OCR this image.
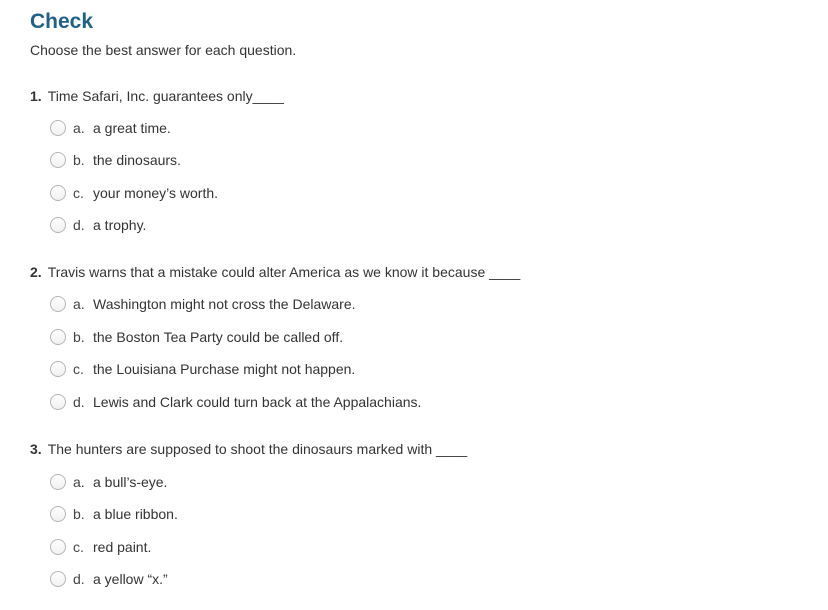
Check
Choose the best answer for each question.
1. Time Safari, Inc. guarantees only____
a. a great time.
b. the dinosaurs.
c. your money’s worth.
d. a trophy.
2. Travis warns that a mistake could alter America as we know it because ____
a. Washington might not cross the Delaware.
b. the Boston Tea Party could be called off.
c. the Louisiana Purchase might not happen.
d. Lewis and Clark could turn back at the Appalachians.
3. The hunters are supposed to shoot the dinosaurs marked with ____
a. a bull’s-eye.
b. a blue ribbon.
c. red paint.
d. a yellow “x.”
